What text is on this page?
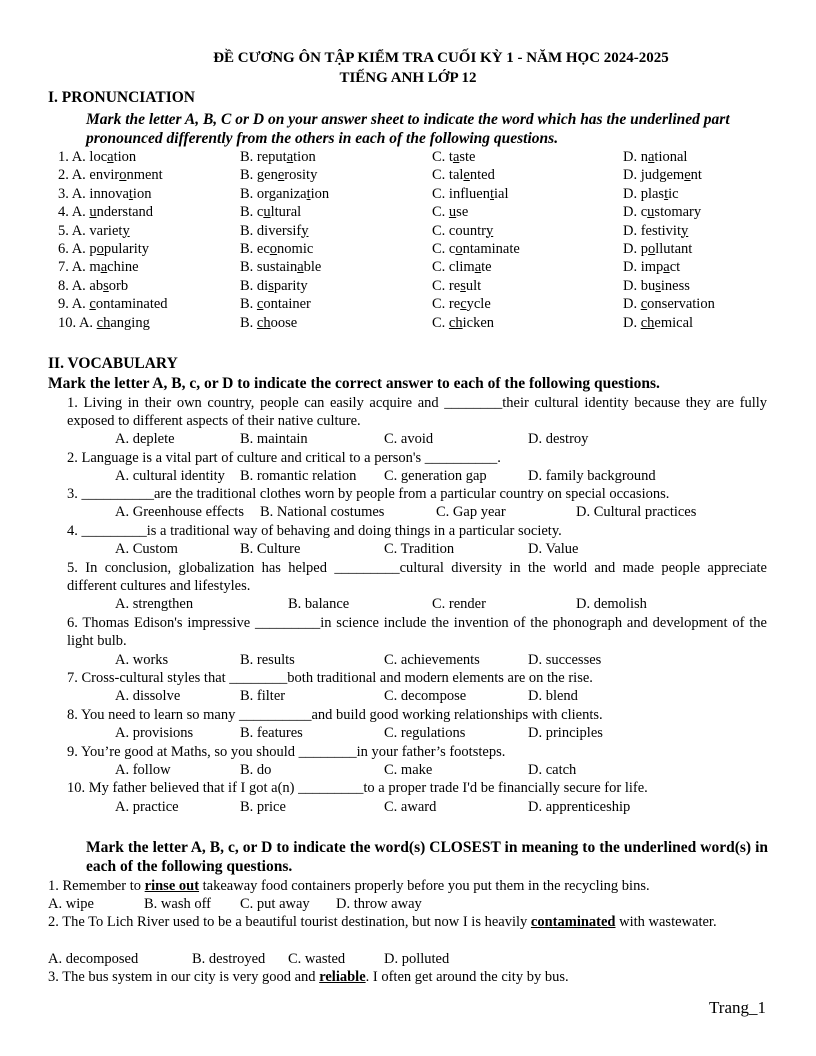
ĐỀ CƯƠNG ÔN TẬP KIỂM TRA CUỐI KỲ 1 - NĂM HỌC 2024-2025
TIẾNG ANH LỚP 12
I. PRONUNCIATION
Mark the letter A, B, C or D on your answer sheet to indicate the word which has the underlined part pronounced differently from the others in each of the following questions.
1. A. location	B. reputation	C. taste	D. national
2. A. environment	B. generosity	C. talented	D. judgement
3. A. innovation	B. organization	C. influential	D. plastic
4. A. understand	B. cultural	C. use	D. customary
5. A. variety	B. diversify	C. country	D. festivity
6. A. popularity	B. economic	C. contaminate	D. pollutant
7. A. machine	B. sustainable	C. climate	D. impact
8. A. absorb	B. disparity	C. result	D. business
9. A. contaminated	B. container	C. recycle	D. conservation
10. A. changing	B. choose	C. chicken	D. chemical
II. VOCABULARY
Mark the letter A, B, c, or D to indicate the correct answer to each of the following questions.
1. Living in their own country, people can easily acquire and ________their cultural identity because they are fully exposed to different aspects of their native culture.
A. deplete	B. maintain	C. avoid	D. destroy
2. Language is a vital part of culture and critical to a person's __________.
A. cultural identity B. romantic relation C. generation gap	D. family background
3. __________are the traditional clothes worn by people from a particular country on special occasions.
A. Greenhouse effects B. National costumes	C. Gap year	D. Cultural practices
4. _________is a traditional way of behaving and doing things in a particular society.
A. Custom	B. Culture	C. Tradition	D. Value
5. In conclusion, globalization has helped _________cultural diversity in the world and made people appreciate different cultures and lifestyles.
A. strengthen	B. balance	C. render	D. demolish
6. Thomas Edison's impressive _________in science include the invention of the phonograph and development of the light bulb.
A. works	B. results	C. achievements	D. successes
7. Cross-cultural styles that ________both traditional and modern elements are on the rise.
A. dissolve	B. filter	C. decompose	D. blend
8. You need to learn so many __________and build good working relationships with clients.
A. provisions	B. features	C. regulations	D. principles
9. You’re good at Maths, so you should ________in your father’s footsteps.
A. follow	B. do	C. make	D. catch
10. My father believed that if I got a(n) _________to a proper trade I'd be financially secure for life.
A. practice	B. price	C. award	D. apprenticeship
Mark the letter A, B, c, or D to indicate the word(s) CLOSEST in meaning to the underlined word(s) in each of the following questions.
1. Remember to rinse out takeaway food containers properly before you put them in the recycling bins.
A. wipe	B. wash off C. put away D. throw away
2. The To Lich River used to be a beautiful tourist destination, but now I is heavily contaminated with wastewater.
A. decomposed	B. destroyed C. wasted	D. polluted
3. The bus system in our city is very good and reliable. I often get around the city by bus.
Trang_1
